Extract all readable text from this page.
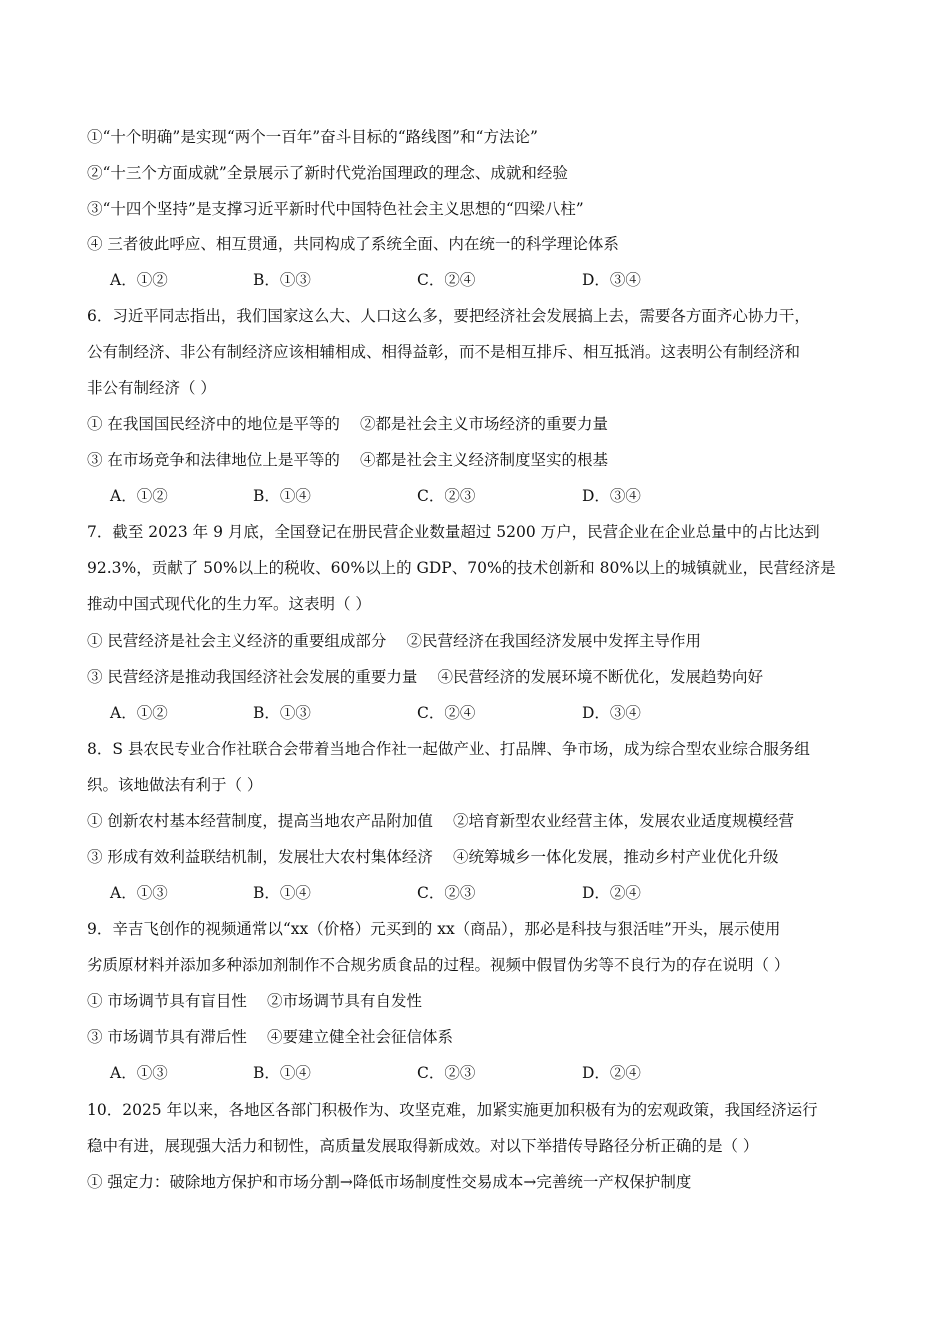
①“十个明确”是实现“两个一百年”奋斗目标的“路线图”和“方法论”
②“十三个方面成就”全景展示了新时代党治国理政的理念、成就和经验
③“十四个坚持”是支撑习近平新时代中国特色社会主义思想的“四梁八柱”
④ 三者彼此呼应、相互贯通，共同构成了系统全面、内在统一的科学理论体系
A．①②	B．①③	C．②④	D．③④
6．习近平同志指出，我们国家这么大、人口这么多，要把经济社会发展搞上去，需要各方面齐心协力干，
公有制经济、非公有制经济应该相辅相成、相得益彰，而不是相互排斥、相互抵消。这表明公有制经济和
非公有制经济（ ）
① 在我国国民经济中的地位是平等的 ②都是社会主义市场经济的重要力量
③ 在市场竞争和法律地位上是平等的 ④都是社会主义经济制度坚实的根基
A．①②	B．①④	C．②③	D．③④
7．截至 2023 年 9 月底，全国登记在册民营企业数量超过 5200 万户，民营企业在企业总量中的占比达到
92.3%，贡献了 50%以上的税收、60%以上的 GDP、70%的技术创新和 80%以上的城镇就业，民营经济是
推动中国式现代化的生力军。这表明（ ）
① 民营经济是社会主义经济的重要组成部分 ②民营经济在我国经济发展中发挥主导作用
③ 民营经济是推动我国经济社会发展的重要力量 ④民营经济的发展环境不断优化，发展趋势向好
A．①②	B．①③	C．②④	D．③④
8．S 县农民专业合作社联合会带着当地合作社一起做产业、打品牌、争市场，成为综合型农业综合服务组
织。该地做法有利于（ ）
① 创新农村基本经营制度，提高当地农产品附加值 ②培育新型农业经营主体，发展农业适度规模经营
③ 形成有效利益联结机制，发展壮大农村集体经济 ④统筹城乡一体化发展，推动乡村产业优化升级
A．①③	B．①④	C．②③	D．②④
9．辛吉飞创作的视频通常以“xx（价格）元买到的 xx（商品），那必是科技与狠活哇”开头，展示使用
劣质原材料并添加多种添加剂制作不合规劣质食品的过程。视频中假冒伪劣等不良行为的存在说明（ ）
① 市场调节具有盲目性 ②市场调节具有自发性
③ 市场调节具有滞后性 ④要建立健全社会征信体系
A．①③	B．①④	C．②③	D．②④
10．2025 年以来，各地区各部门积极作为、攻坚克难，加紧实施更加积极有为的宏观政策，我国经济运行
稳中有进，展现强大活力和韧性，高质量发展取得新成效。对以下举措传导路径分析正确的是（ ）
① 强定力：破除地方保护和市场分割→降低市场制度性交易成本→完善统一产权保护制度
